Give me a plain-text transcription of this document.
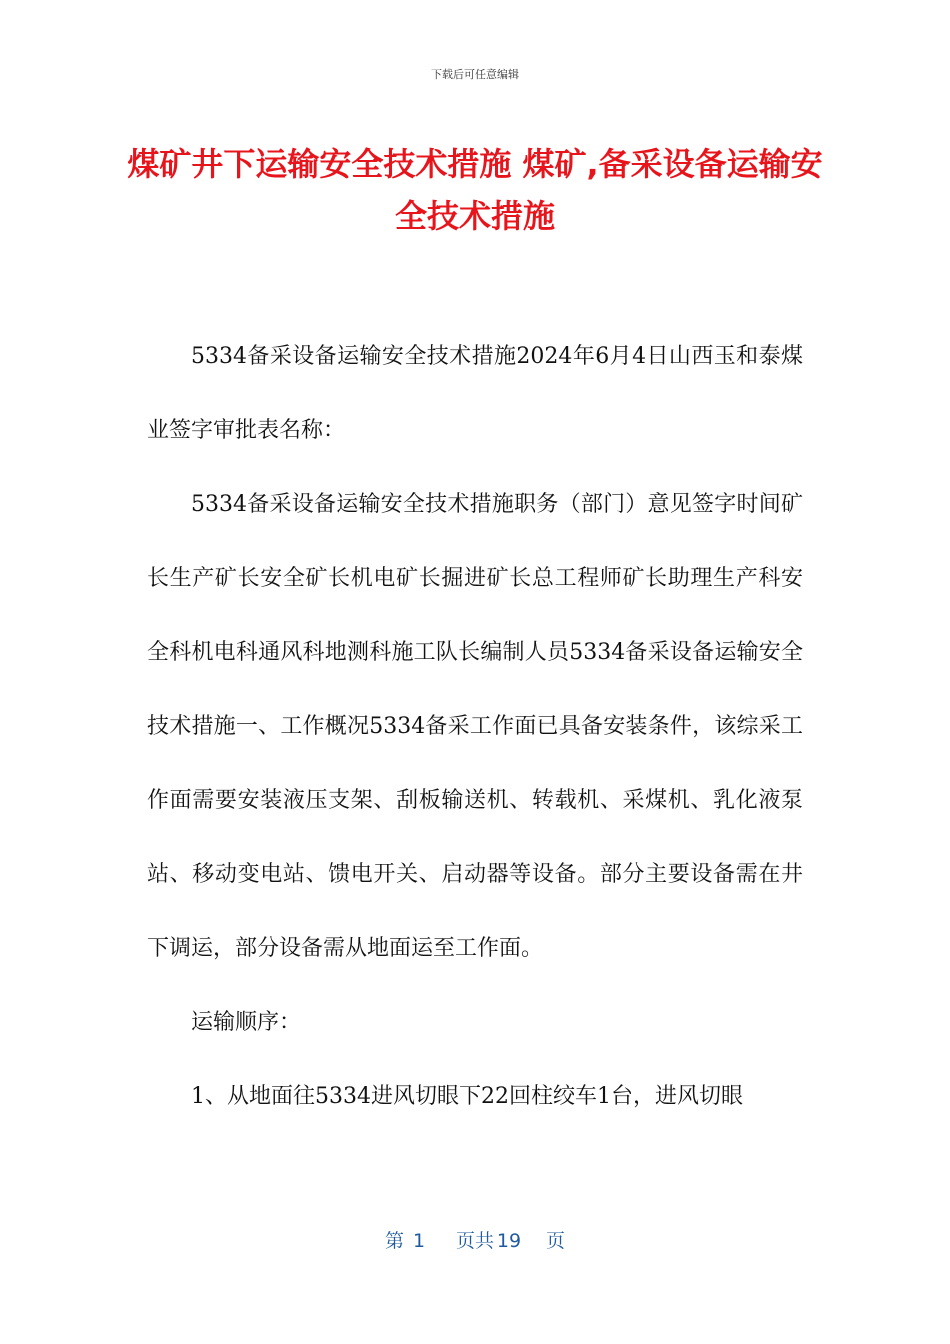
下载后可任意编辑
煤矿井下运输安全技术措施 煤矿,备采设备运输安全技术措施

5334备采设备运输安全技术措施2024年6月4日山西玉和泰煤业签字审批表名称：

5334备采设备运输安全技术措施职务（部门）意见签字时间矿长生产矿长安全矿长机电矿长掘进矿长总工程师矿长助理生产科安全科机电科通风科地测科施工队长编制人员5334备采设备运输安全技术措施一、工作概况5334备采工作面已具备安装条件，该综采工作面需要安装液压支架、刮板输送机、转载机、采煤机、乳化液泵站、移动变电站、馈电开关、启动器等设备。部分主要设备需在井下调运，部分设备需从地面运至工作面。

运输顺序：

1、从地面往5334进风切眼下22回柱绞车1台，进风切眼

第 1 页共 19 页
